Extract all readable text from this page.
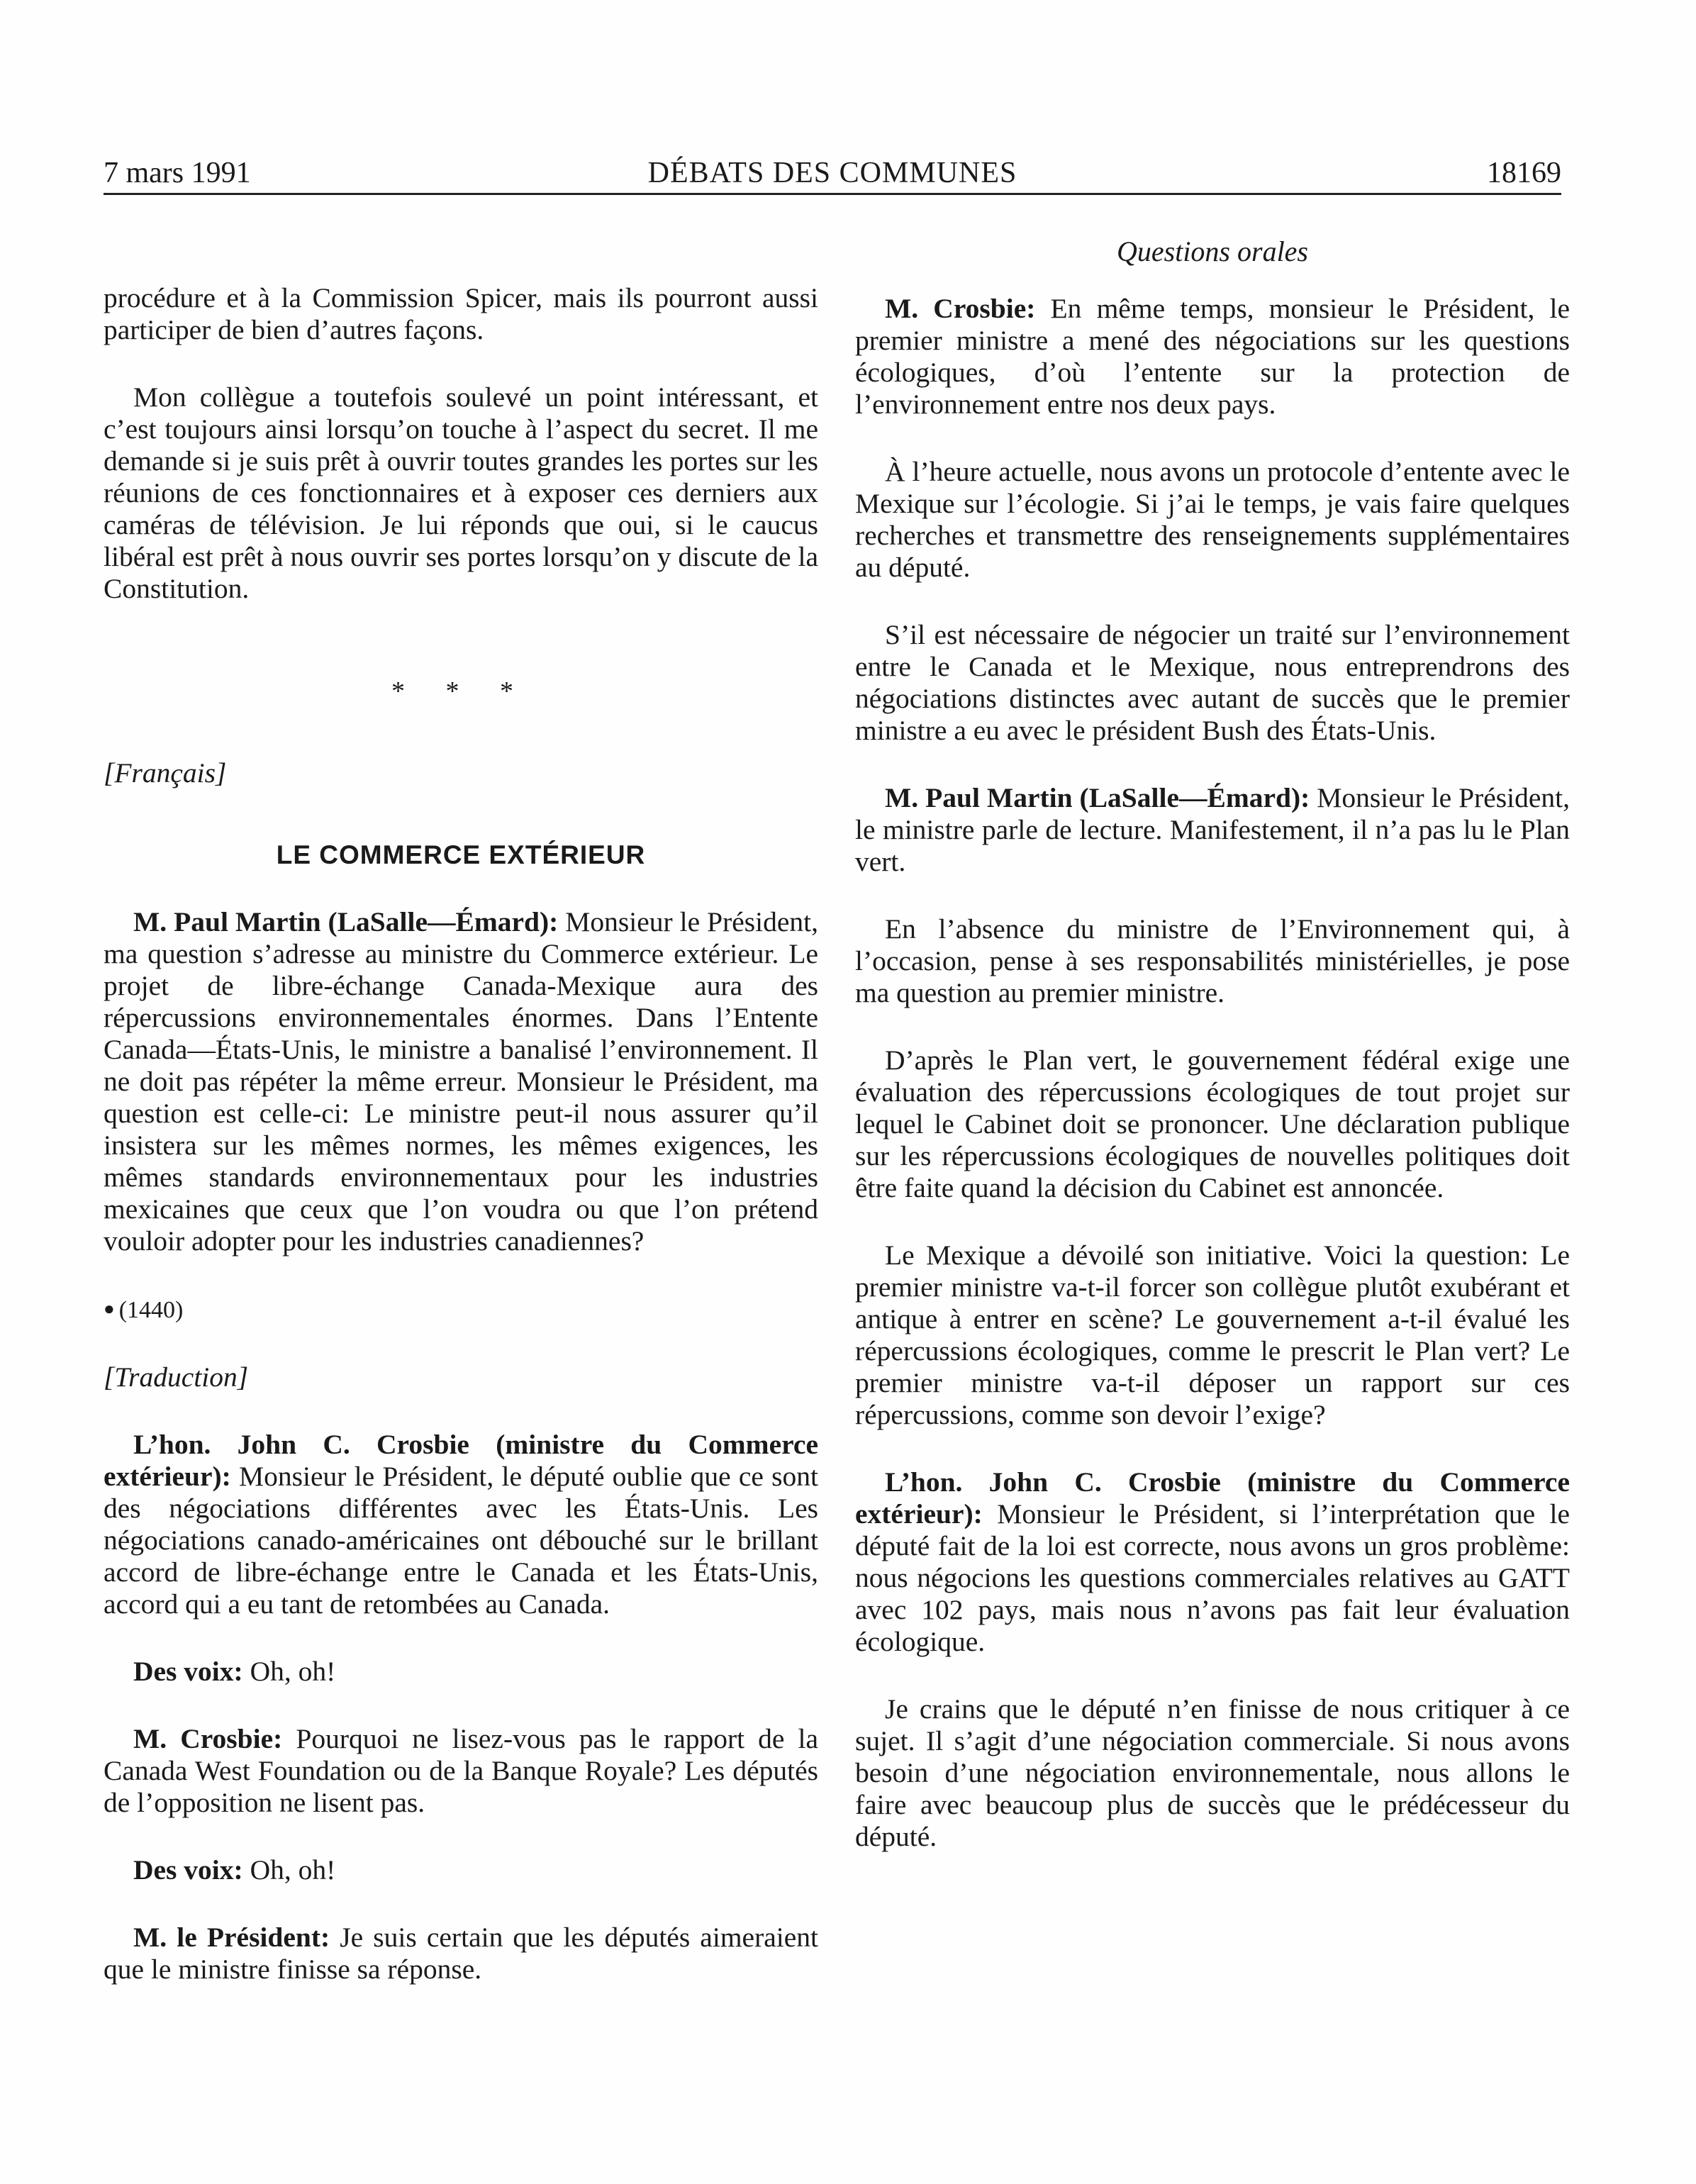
7 mars 1991	DÉBATS DES COMMUNES	18169

procédure et à la Commission Spicer, mais ils pourront aussi participer de bien d’autres façons.

Mon collègue a toutefois soulevé un point intéressant, et c’est toujours ainsi lorsqu’on touche à l’aspect du secret. Il me demande si je suis prêt à ouvrir toutes grandes les portes sur les réunions de ces fonctionnaires et à exposer ces derniers aux caméras de télévision. Je lui réponds que oui, si le caucus libéral est prêt à nous ouvrir ses portes lorsqu’on y discute de la Constitution.

* * *

[Français]

LE COMMERCE EXTÉRIEUR

M. Paul Martin (LaSalle—Émard): Monsieur le Président, ma question s’adresse au ministre du Commerce extérieur. Le projet de libre-échange Canada-Mexique aura des répercussions environnementales énormes. Dans l’Entente Canada—États-Unis, le ministre a banalisé l’environnement. Il ne doit pas répéter la même erreur. Monsieur le Président, ma question est celle-ci: Le ministre peut-il nous assurer qu’il insistera sur les mêmes normes, les mêmes exigences, les mêmes standards environnementaux pour les industries mexicaines que ceux que l’on voudra ou que l’on prétend vouloir adopter pour les industries canadiennes?

● (1440)

[Traduction]

L’hon. John C. Crosbie (ministre du Commerce extérieur): Monsieur le Président, le député oublie que ce sont des négociations différentes avec les États-Unis. Les négociations canado-américaines ont débouché sur le brillant accord de libre-échange entre le Canada et les États-Unis, accord qui a eu tant de retombées au Canada.

Des voix: Oh, oh!

M. Crosbie: Pourquoi ne lisez-vous pas le rapport de la Canada West Foundation ou de la Banque Royale? Les députés de l’opposition ne lisent pas.

Des voix: Oh, oh!

M. le Président: Je suis certain que les députés aimeraient que le ministre finisse sa réponse.

Questions orales

M. Crosbie: En même temps, monsieur le Président, le premier ministre a mené des négociations sur les questions écologiques, d’où l’entente sur la protection de l’environnement entre nos deux pays.

À l’heure actuelle, nous avons un protocole d’entente avec le Mexique sur l’écologie. Si j’ai le temps, je vais faire quelques recherches et transmettre des renseignements supplémentaires au député.

S’il est nécessaire de négocier un traité sur l’environnement entre le Canada et le Mexique, nous entreprendrons des négociations distinctes avec autant de succès que le premier ministre a eu avec le président Bush des États-Unis.

M. Paul Martin (LaSalle—Émard): Monsieur le Président, le ministre parle de lecture. Manifestement, il n’a pas lu le Plan vert.

En l’absence du ministre de l’Environnement qui, à l’occasion, pense à ses responsabilités ministérielles, je pose ma question au premier ministre.

D’après le Plan vert, le gouvernement fédéral exige une évaluation des répercussions écologiques de tout projet sur lequel le Cabinet doit se prononcer. Une déclaration publique sur les répercussions écologiques de nouvelles politiques doit être faite quand la décision du Cabinet est annoncée.

Le Mexique a dévoilé son initiative. Voici la question: Le premier ministre va-t-il forcer son collègue plutôt exubérant et antique à entrer en scène? Le gouvernement a-t-il évalué les répercussions écologiques, comme le prescrit le Plan vert? Le premier ministre va-t-il déposer un rapport sur ces répercussions, comme son devoir l’exige?

L’hon. John C. Crosbie (ministre du Commerce extérieur): Monsieur le Président, si l’interprétation que le député fait de la loi est correcte, nous avons un gros problème: nous négocions les questions commerciales relatives au GATT avec 102 pays, mais nous n’avons pas fait leur évaluation écologique.

Je crains que le député n’en finisse de nous critiquer à ce sujet. Il s’agit d’une négociation commerciale. Si nous avons besoin d’une négociation environnementale, nous allons le faire avec beaucoup plus de succès que le prédécesseur du député.
